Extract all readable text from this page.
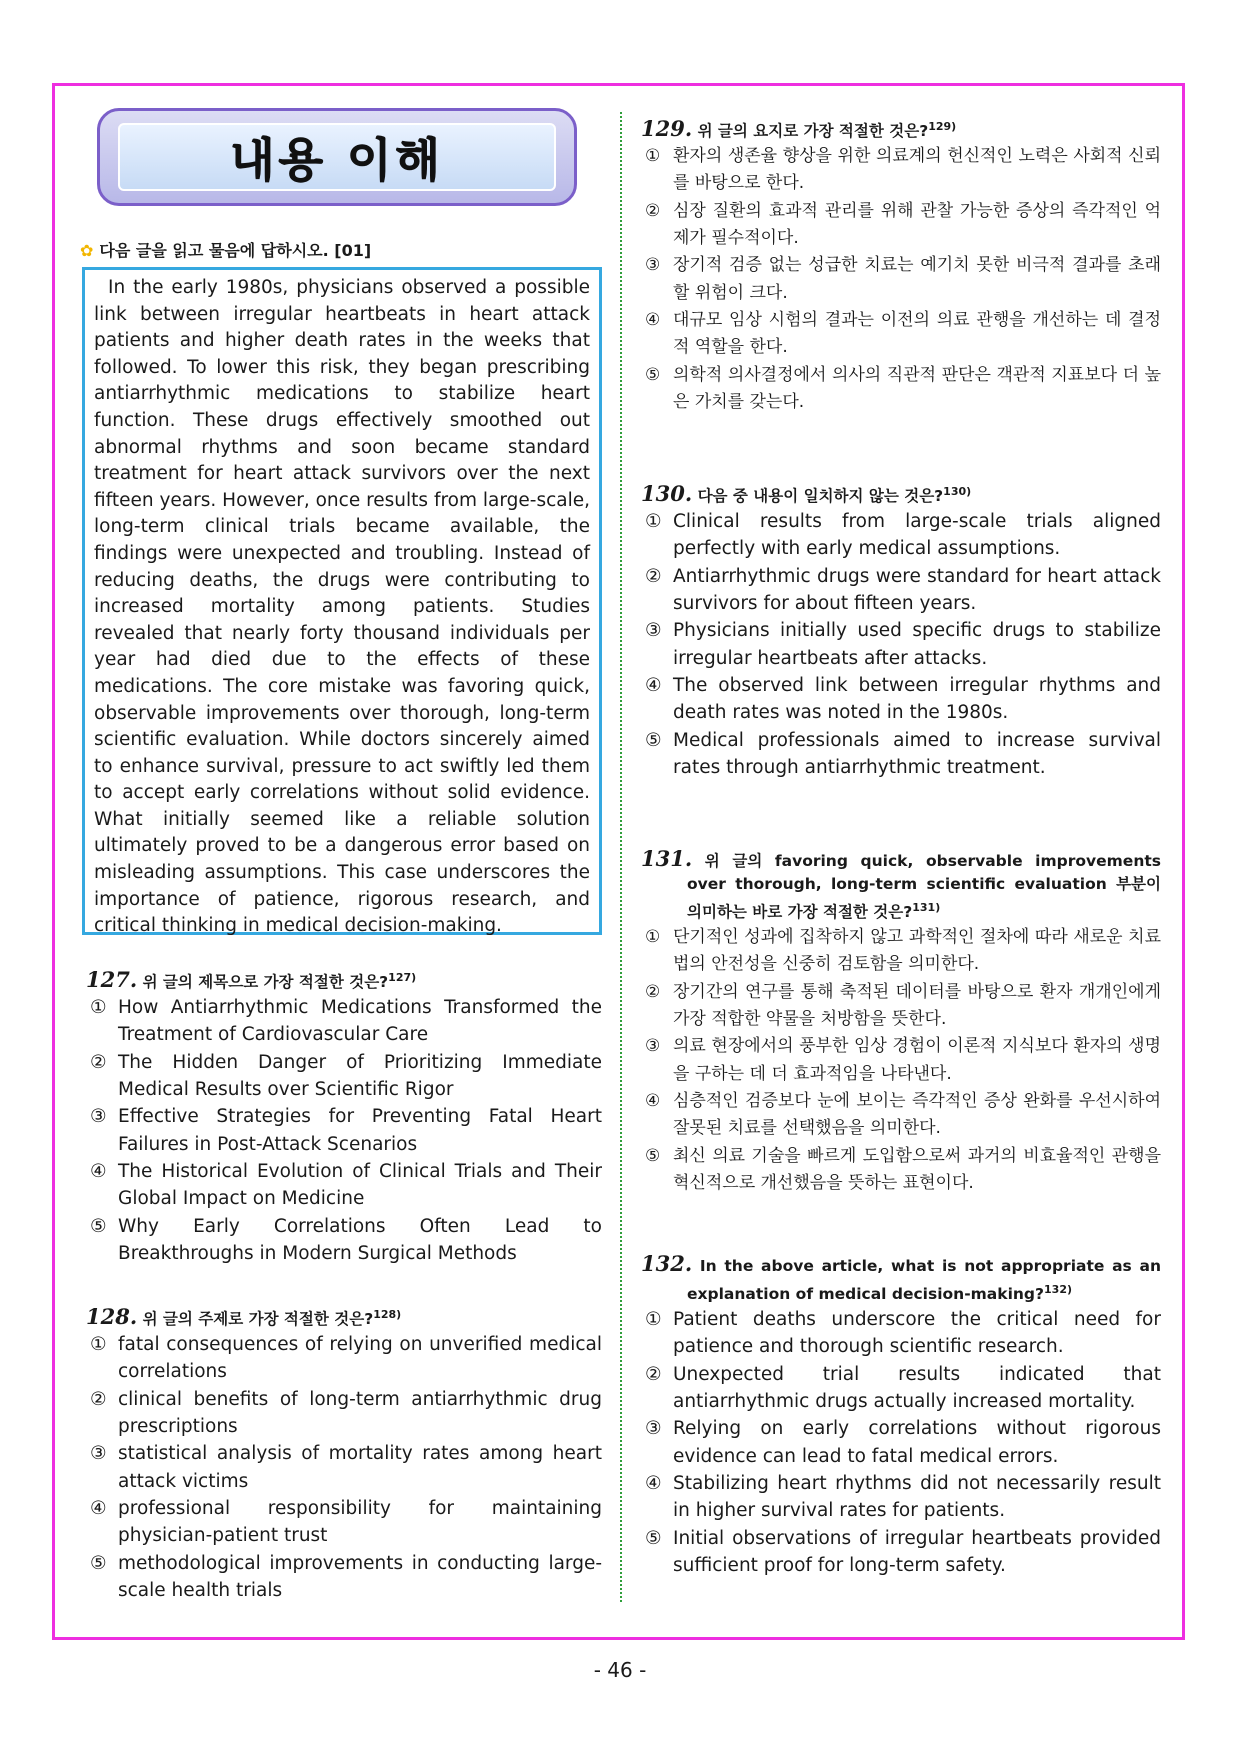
내용 이해
✿ 다음 글을 읽고 물음에 답하시오. [01]

In the early 1980s, physicians observed a possible link between irregular heartbeats in heart attack patients and higher death rates in the weeks that followed. To lower this risk, they began prescribing antiarrhythmic medications to stabilize heart function. These drugs effectively smoothed out abnormal rhythms and soon became standard treatment for heart attack survivors over the next fifteen years. However, once results from large-scale, long-term clinical trials became available, the findings were unexpected and troubling. Instead of reducing deaths, the drugs were contributing to increased mortality among patients. Studies revealed that nearly forty thousand individuals per year had died due to the effects of these medications. The core mistake was favoring quick, observable improvements over thorough, long-term scientific evaluation. While doctors sincerely aimed to enhance survival, pressure to act swiftly led them to accept early correlations without solid evidence. What initially seemed like a reliable solution ultimately proved to be a dangerous error based on misleading assumptions. This case underscores the importance of patience, rigorous research, and critical thinking in medical decision-making.

127. 위 글의 제목으로 가장 적절한 것은?$^{127)}$
① How Antiarrhythmic Medications Transformed the Treatment of Cardiovascular Care
② The Hidden Danger of Prioritizing Immediate Medical Results over Scientific Rigor
③ Effective Strategies for Preventing Fatal Heart Failures in Post-Attack Scenarios
④ The Historical Evolution of Clinical Trials and Their Global Impact on Medicine
⑤ Why Early Correlations Often Lead to Breakthroughs in Modern Surgical Methods
128. 위 글의 주제로 가장 적절한 것은?$^{128)}$
① fatal consequences of relying on unverified medical correlations
② clinical benefits of long-term antiarrhythmic drug prescriptions
③ statistical analysis of mortality rates among heart attack victims
④ professional responsibility for maintaining physician-patient trust
⑤ methodological improvements in conducting large-scale health trials
129. 위 글의 요지로 가장 적절한 것은?$^{129)}$
① 환자의 생존율 향상을 위한 의료계의 헌신적인 노력은 사회적 신뢰를 바탕으로 한다.
② 심장 질환의 효과적 관리를 위해 관찰 가능한 증상의 즉각적인 억제가 필수적이다.
③ 장기적 검증 없는 성급한 치료는 예기치 못한 비극적 결과를 초래할 위험이 크다.
④ 대규모 임상 시험의 결과는 이전의 의료 관행을 개선하는 데 결정적 역할을 한다.
⑤ 의학적 의사결정에서 의사의 직관적 판단은 객관적 지표보다 더 높은 가치를 갖는다.
130. 다음 중 내용이 일치하지 않는 것은?$^{130)}$
① Clinical results from large-scale trials aligned perfectly with early medical assumptions.
② Antiarrhythmic drugs were standard for heart attack survivors for about fifteen years.
③ Physicians initially used specific drugs to stabilize irregular heartbeats after attacks.
④ The observed link between irregular rhythms and death rates was noted in the 1980s.
⑤ Medical professionals aimed to increase survival rates through antiarrhythmic treatment.
131. 위 글의 favoring quick, observable improvements over thorough, long-term scientific evaluation 부분이 의미하는 바로 가장 적절한 것은?$^{131)}$
① 단기적인 성과에 집착하지 않고 과학적인 절차에 따라 새로운 치료법의 안전성을 신중히 검토함을 의미한다.
② 장기간의 연구를 통해 축적된 데이터를 바탕으로 환자 개개인에게 가장 적합한 약물을 처방함을 뜻한다.
③ 의료 현장에서의 풍부한 임상 경험이 이론적 지식보다 환자의 생명을 구하는 데 더 효과적임을 나타낸다.
④ 심층적인 검증보다 눈에 보이는 즉각적인 증상 완화를 우선시하여 잘못된 치료를 선택했음을 의미한다.
⑤ 최신 의료 기술을 빠르게 도입함으로써 과거의 비효율적인 관행을 혁신적으로 개선했음을 뜻하는 표현이다.
132. In the above article, what is not appropriate as an explanation of medical decision-making?$^{132)}$
① Patient deaths underscore the critical need for patience and thorough scientific research.
② Unexpected trial results indicated that antiarrhythmic drugs actually increased mortality.
③ Relying on early correlations without rigorous evidence can lead to fatal medical errors.
④ Stabilizing heart rhythms did not necessarily result in higher survival rates for patients.
⑤ Initial observations of irregular heartbeats provided sufficient proof for long-term safety.
- 46 -
